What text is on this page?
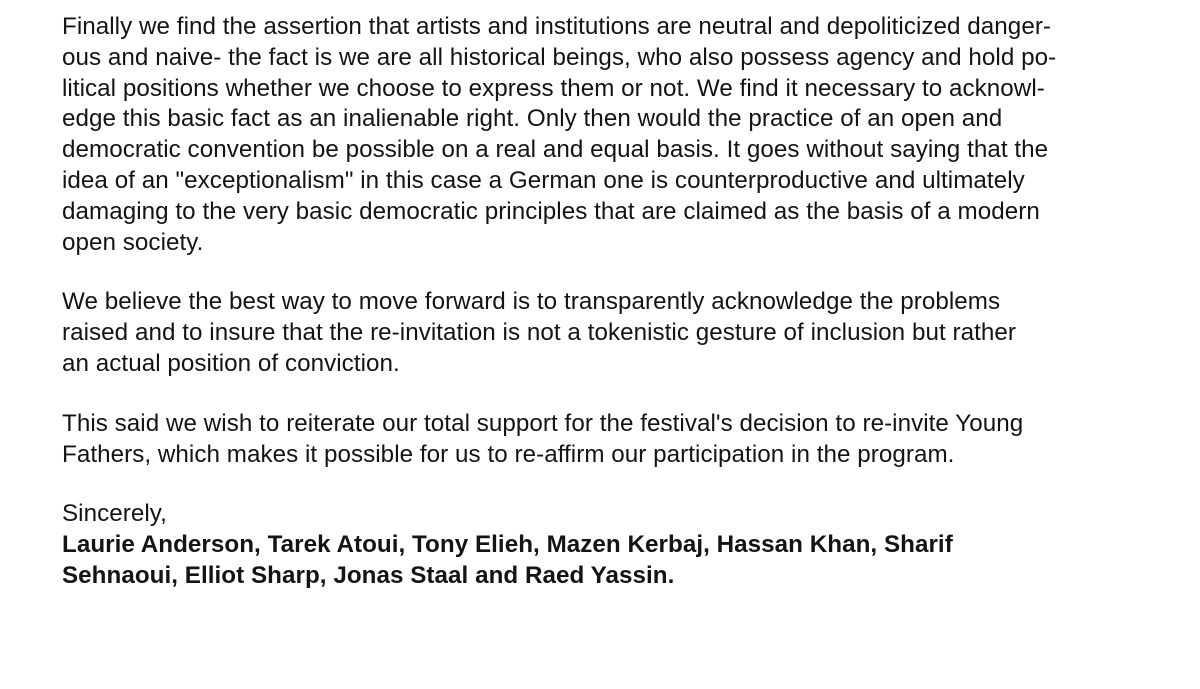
Finally we find the assertion that artists and institutions are neutral and depoliticized danger-
ous and naive- the fact is we are all historical beings, who also possess agency and hold po-
litical positions whether we choose to express them or not. We find it necessary to acknowl-
edge this basic fact as an inalienable right. Only then would the practice of an open and
democratic convention be possible on a real and equal basis. It goes without saying that the
idea of an "exceptionalism" in this case a German one is counterproductive and ultimately
damaging to the very basic democratic principles that are claimed as the basis of a modern
open society.
We believe the best way to move forward is to transparently acknowledge the problems
raised and to insure that the re-invitation is not a tokenistic gesture of inclusion but rather
an actual position of conviction.
This said we wish to reiterate our total support for the festival's decision to re-invite Young
Fathers, which makes it possible for us to re-affirm our participation in the program.
Sincerely,
Laurie Anderson, Tarek Atoui, Tony Elieh, Mazen Kerbaj, Hassan Khan, Sharif
Sehnaoui, Elliot Sharp, Jonas Staal and Raed Yassin.
